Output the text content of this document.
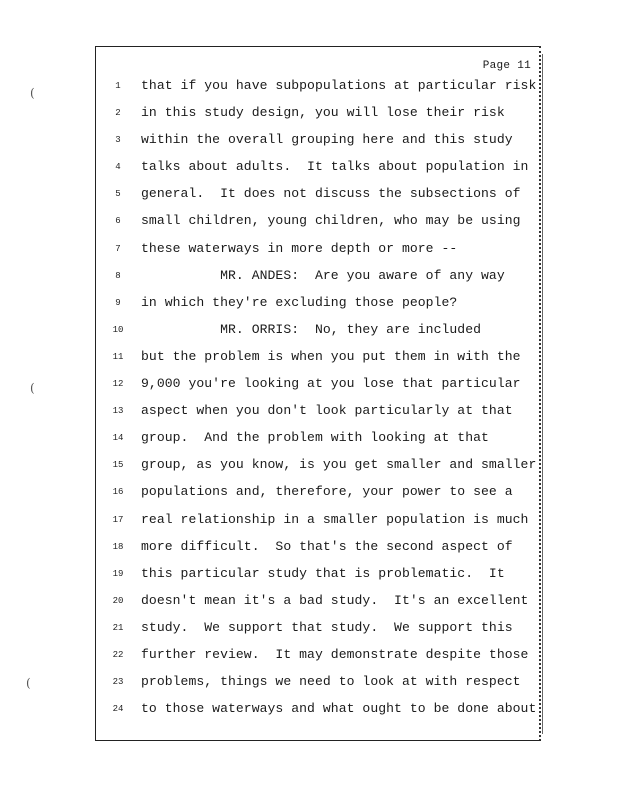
(
(
(
Page 11
1	that if you have subpopulations at particular risk
2	in this study design, you will lose their risk
3	within the overall grouping here and this study
4	talks about adults.  It talks about population in
5	general.  It does not discuss the subsections of
6	small children, young children, who may be using
7	these waterways in more depth or more --
8	MR. ANDES:  Are you aware of any way
9	in which they're excluding those people?
10	MR. ORRIS:  No, they are included
11	but the problem is when you put them in with the
12	9,000 you're looking at you lose that particular
13	aspect when you don't look particularly at that
14	group.  And the problem with looking at that
15	group, as you know, is you get smaller and smaller
16	populations and, therefore, your power to see a
17	real relationship in a smaller population is much
18	more difficult.  So that's the second aspect of
19	this particular study that is problematic.  It
20	doesn't mean it's a bad study.  It's an excellent
21	study.  We support that study.  We support this
22	further review.  It may demonstrate despite those
23	problems, things we need to look at with respect
24	to those waterways and what ought to be done about
